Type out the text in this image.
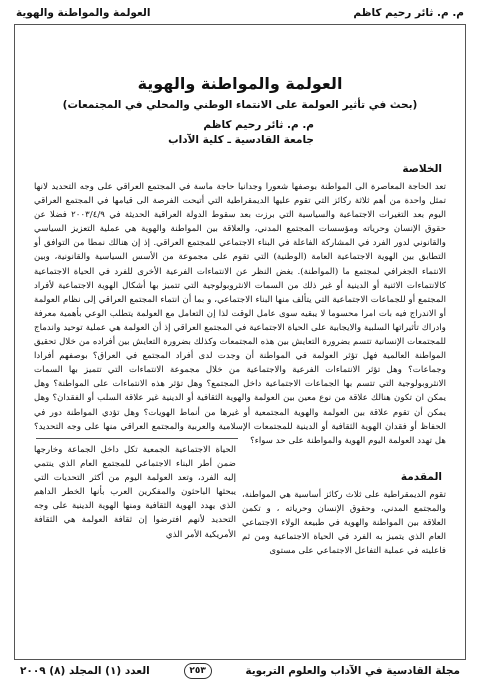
م. م. ثائر رحيم كاظم
العولمة والمواطنة والهوية
العولمة والمواطنة والهوية
(بحث في تأثير العولمة على الانتماء الوطني والمحلي في المجتمعات)
م. م. ثائر رحيم كاظم
جامعة القادسية ـ كلية الآداب
الخلاصة
تعد الحاجة المعاصرة الى المواطنة بوصفها شعورا وجدانيا حاجة ماسة في المجتمع العراقي على وجه التحديد لانها تمثل واحدة من أهم ثلاثة ركائز التي تقوم عليها الديمقراطية التي أتيحت الفرصة الى قيامها في المجتمع العراقي اليوم بعد التغيرات الاجتماعية والسياسية التي برزت بعد سقوط الدولة العراقية الحديثة في ٢٠٠٣/٤/٩ فضلا عن حقوق الإنسان وحرياته ومؤسسات المجتمع المدني، والعلاقة بين المواطنة والهوية هي عملية التعزيز السياسي والقانوني لدور الفرد في المشاركة الفاعلة في البناء الاجتماعي للمجتمع العراقي. إذ إن هنالك نمطا من التوافق أو التطابق بين الهوية الاجتماعية العامة (الوطنية) التي تقوم على مجموعة من الأسس السياسية والقانونية، وبين الانتماء الجغرافي لمجتمع ما (المواطنة). بغض النظر عن الانتماءات الفرعية الأخرى للفرد في الحياة الاجتماعية كالانتماءات الاثنية أو الدينية أو غير ذلك من السمات الانثروبولوجية التي تتميز بها أشكال الهوية الاجتماعية لأفراد المجتمع أو للجماعات الاجتماعية التي يتألف منها البناء الاجتماعي، و بما أن انتماء المجتمع العراقي إلى نظام العولمة أو الاندراج فيه بات امرا محسوما لا يبقيه سوى عامل الوقت لذا إن التعامل مع العولمة يتطلب الوعي بأهمية معرفة وادراك تأثيراتها السلبية والايجابية على الحياة الاجتماعية في المجتمع العراقي إذ أن العولمة هي عملية توحيد واندماج للمجتمعات الإنسانية تتسم بضرورة التعايش بين هذه المجتمعات وكذلك بضرورة التعايش بين أفراده من خلال تحقيق المواطنة العالمية فهل تؤثر العولمة في المواطنة أن وجدت لدى أفراد المجتمع في العراق؟ بوصفهم أفرادا وجماعات؟ وهل تؤثر الانتماءات الفرعية والاجتماعية من خلال مجموعة الانتماءات التي تتميز بها السمات الانثروبولوجية التي تتسم بها الجماعات الاجتماعية داخل المجتمع؟ وهل تؤثر هذه الانتماءات على المواطنة؟ وهل يمكن ان تكون هنالك علاقة من نوع معين بين العولمة والهوية الثقافية أو الدينية غير علاقة السلب أو الفقدان؟ وهل يمكن أن تقوم علاقة بين العولمة والهوية المجتمعية أو غيرها من أنماط الهويات؟ وهل تؤدي المواطنة دور في الحفاظ أو فقدان الهوية الثقافية أو الدينية للمجتمعات الإسلامية والعربية والمجتمع العراقي منها على وجه التحديد؟ هل تهدد العولمة اليوم الهوية والمواطنة على حد سواء؟
الحياة الاجتماعية الجمعية تكل داخل الجماعة وخارجها ضمن أطر البناء الاجتماعي للمجتمع العام الذي ينتمي إليه الفرد، وتعد العولمة اليوم من أكثر التحديات التي يبحثها الباحثون والمفكرين العرب بأنها الخطر الداهم الذي يهدد الهوية الثقافية ومنها الهوية الدينية على وجه التحديد لأنهم افترضوا إن ثقافة العولمة هي الثقافة الأمريكية الأمر الذي
المقدمة
تقوم الديمقراطية على ثلاث ركائز أساسية هي المواطنة، والمجتمع المدني، وحقوق الإنسان وحرياته ، و تكمن العلاقة بين المواطنة والهوية في طبيعة الولاء الاجتماعي العام الذي يتميز به الفرد في الحياة الاجتماعية ومن ثم فاعليته في عملية التفاعل الاجتماعي على مستوى
مجلة القادسية في الآداب والعلوم التربوية
٢٥٣
العدد (١) المجلد (٨) ٢٠٠٩
